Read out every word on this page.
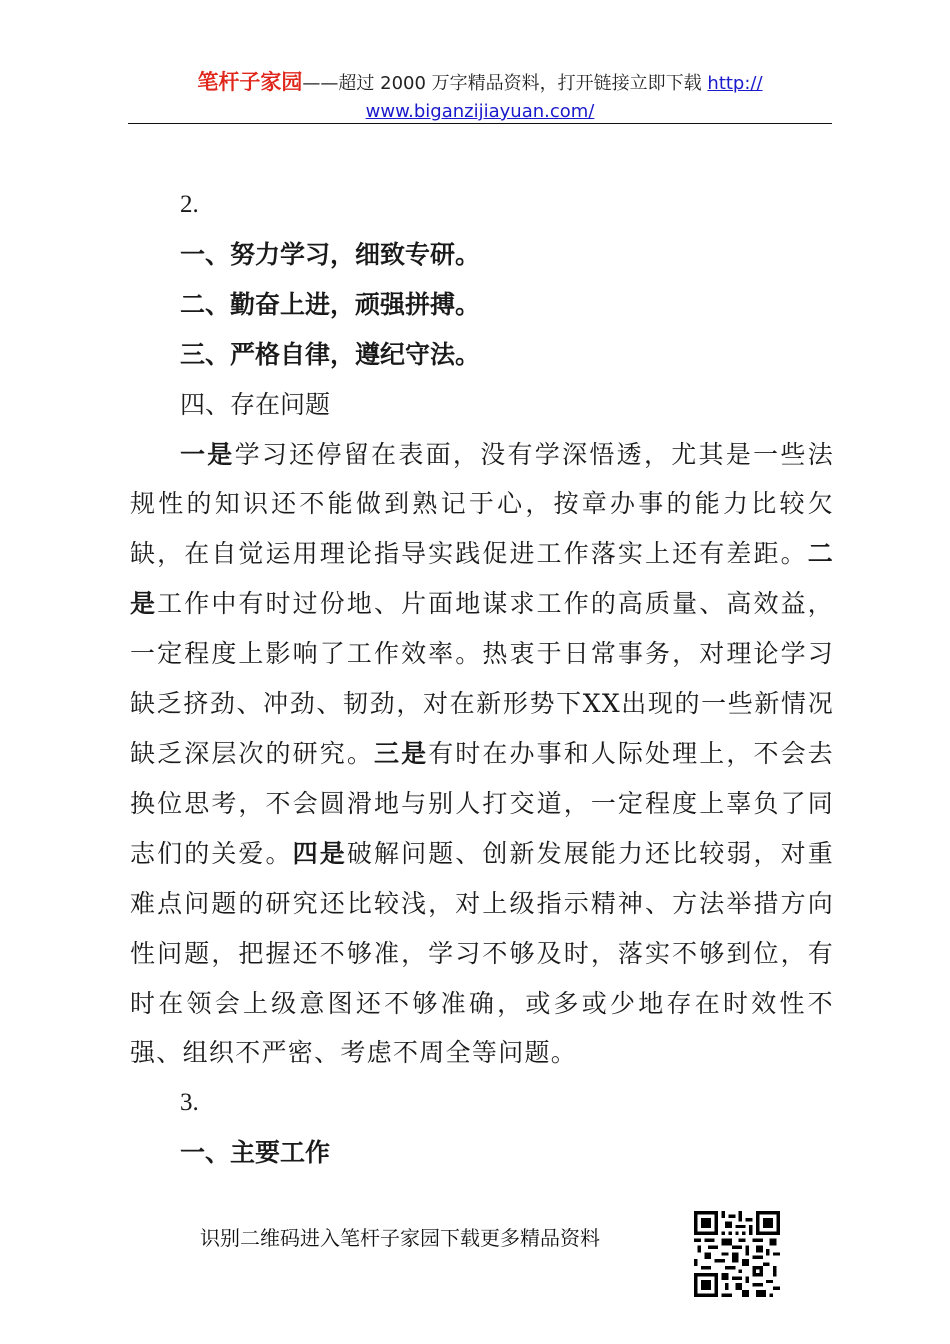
笔杆子家园——超过 2000 万字精品资料，打开链接立即下载 http://
www.biganzijiayuan.com/

2.

一、努力学习，细致专研。

二、勤奋上进，顽强拼搏。

三、严格自律，遵纪守法。

四、存在问题

一是学习还停留在表面，没有学深悟透，尤其是一些法规性的知识还不能做到熟记于心，按章办事的能力比较欠缺，在自觉运用理论指导实践促进工作落实上还有差距。二是工作中有时过份地、片面地谋求工作的高质量、高效益，一定程度上影响了工作效率。热衷于日常事务，对理论学习缺乏挤劲、冲劲、韧劲，对在新形势下XX出现的一些新情况缺乏深层次的研究。三是有时在办事和人际处理上，不会去换位思考，不会圆滑地与别人打交道，一定程度上辜负了同志们的关爱。四是破解问题、创新发展能力还比较弱，对重难点问题的研究还比较浅，对上级指示精神、方法举措方向性问题，把握还不够准，学习不够及时，落实不够到位，有时在领会上级意图还不够准确，或多或少地存在时效性不强、组织不严密、考虑不周全等问题。

3.

一、主要工作

识别二维码进入笔杆子家园下载更多精品资料
